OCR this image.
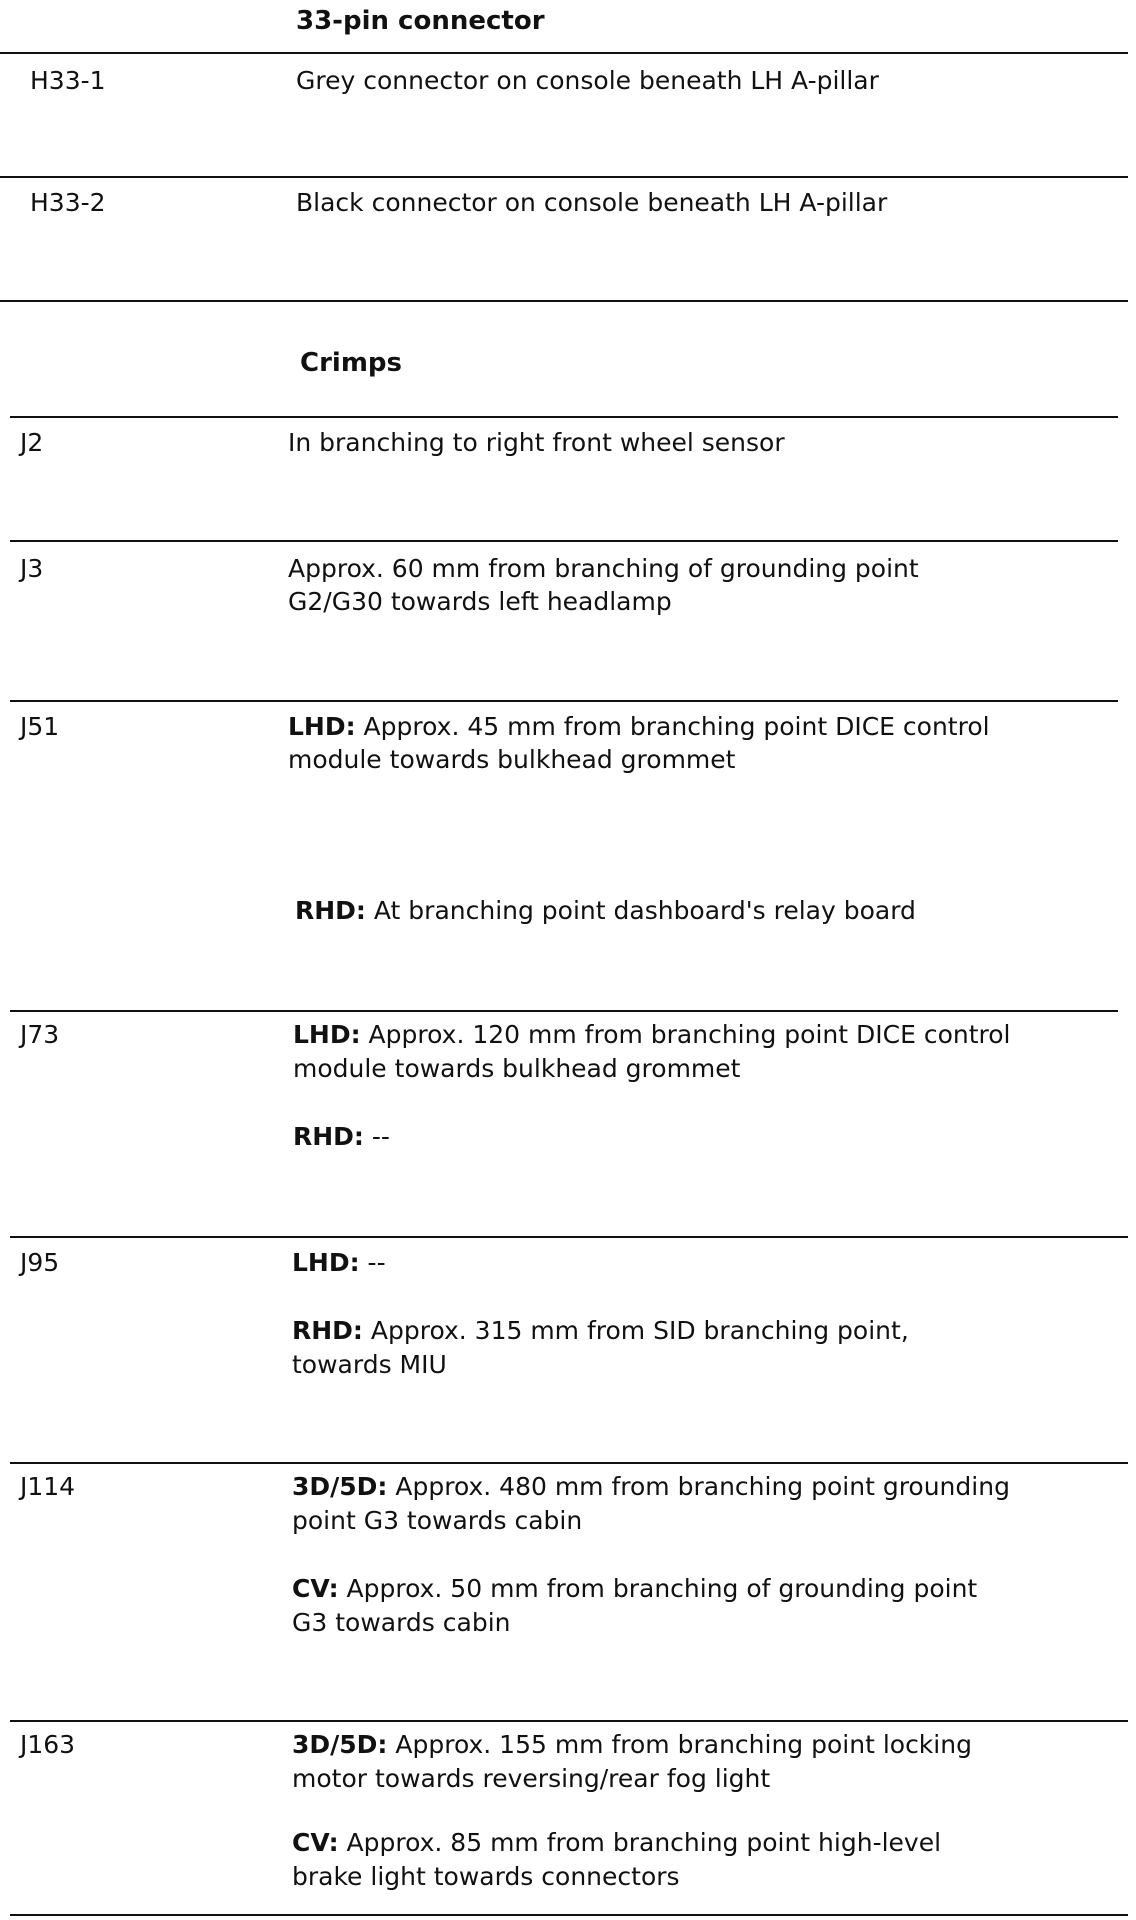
33-pin connector
H33-1	Grey connector on console beneath LH A-pillar
H33-2	Black connector on console beneath LH A-pillar
Crimps
J2	In branching to right front wheel sensor
J3	Approx. 60 mm from branching of grounding point
G2/G30 towards left headlamp
J51	LHD: Approx. 45 mm from branching point DICE control
module towards bulkhead grommet
RHD: At branching point dashboard's relay board
J73	LHD: Approx. 120 mm from branching point DICE control
module towards bulkhead grommet
RHD: --
J95	LHD: --
RHD: Approx. 315 mm from SID branching point,
towards MIU
J114	3D/5D: Approx. 480 mm from branching point grounding
point G3 towards cabin
CV: Approx. 50 mm from branching of grounding point
G3 towards cabin
J163	3D/5D: Approx. 155 mm from branching point locking
motor towards reversing/rear fog light
CV: Approx. 85 mm from branching point high-level
brake light towards connectors
